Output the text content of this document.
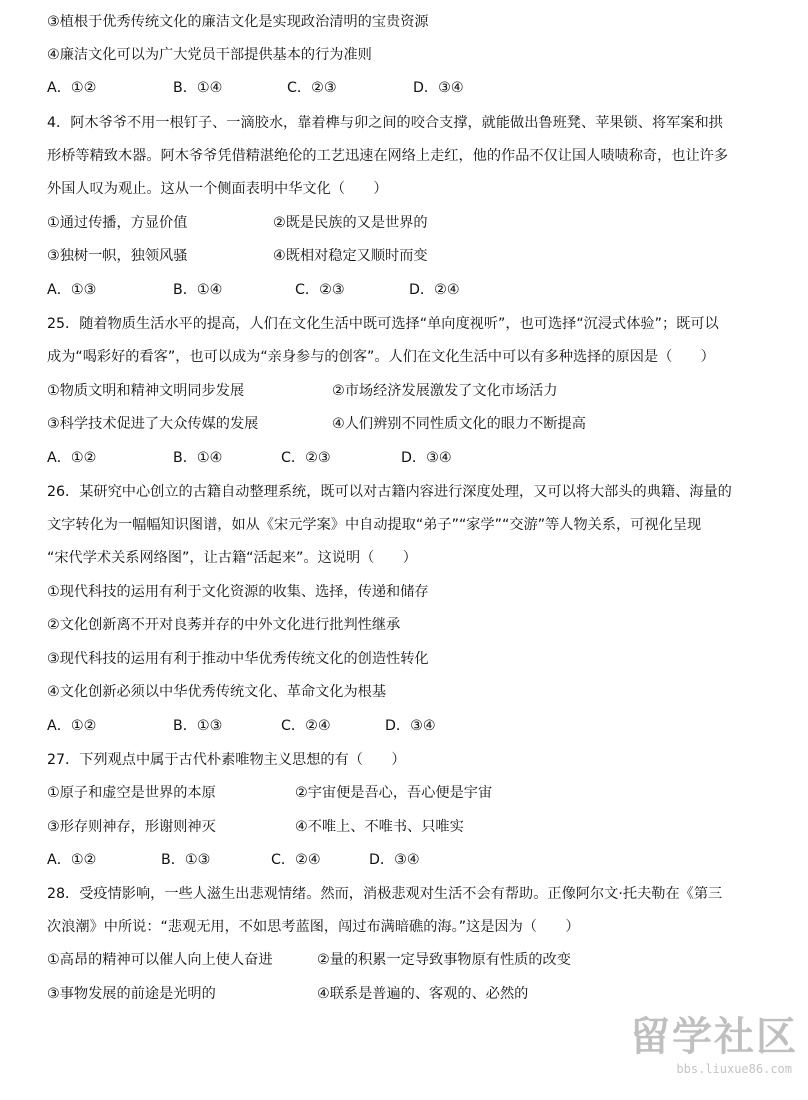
③植根于优秀传统文化的廉洁文化是实现政治清明的宝贵资源
④廉洁文化可以为广大党员干部提供基本的行为准则
A．①②	B．①④	C．②③	D．③④
4．阿木爷爷不用一根钉子、一滴胶水，靠着榫与卯之间的咬合支撑，就能做出鲁班凳、苹果锁、将军案和拱
形桥等精致木器。阿木爷爷凭借精湛绝伦的工艺迅速在网络上走红，他的作品不仅让国人啧啧称奇，也让许多
外国人叹为观止。这从一个侧面表明中华文化（　　）
①通过传播，方显价值	②既是民族的又是世界的
③独树一帜，独领风骚	④既相对稳定又顺时而变
A．①③	B．①④	C．②③	D．②④
25．随着物质生活水平的提高，人们在文化生活中既可选择“单向度视听”，也可选择“沉浸式体验”；既可以
成为“喝彩好的看客”，也可以成为“亲身参与的创客”。人们在文化生活中可以有多种选择的原因是（　　）
①物质文明和精神文明同步发展	②市场经济发展激发了文化市场活力
③科学技术促进了大众传媒的发展	④人们辨别不同性质文化的眼力不断提高
A．①②	B．①④	C．②③	D．③④
26．某研究中心创立的古籍自动整理系统，既可以对古籍内容进行深度处理，又可以将大部头的典籍、海量的
文字转化为一幅幅知识图谱，如从《宋元学案》中自动提取“弟子”“家学”“交游”等人物关系，可视化呈现
“宋代学术关系网络图”，让古籍“活起来”。这说明（　　）
①现代科技的运用有利于文化资源的收集、选择，传递和储存
②文化创新离不开对良莠并存的中外文化进行批判性继承
③现代科技的运用有利于推动中华优秀传统文化的创造性转化
④文化创新必须以中华优秀传统文化、革命文化为根基
A．①②	B．①③	C．②④	D．③④
27．下列观点中属于古代朴素唯物主义思想的有（　　）
①原子和虚空是世界的本原	②宇宙便是吾心，吾心便是宇宙
③形存则神存，形谢则神灭	④不唯上、不唯书、只唯实
A．①②	B．①③	C．②④	D．③④
28．受疫情影响，一些人滋生出悲观情绪。然而，消极悲观对生活不会有帮助。正像阿尔文·托夫勒在《第三
次浪潮》中所说：“悲观无用，不如思考蓝图，闯过布满暗礁的海。”这是因为（　　）
①高昂的精神可以催人向上使人奋进	②量的积累一定导致事物原有性质的改变
③事物发展的前途是光明的	④联系是普遍的、客观的、必然的
留学社区
bbs.liuxue86.com
